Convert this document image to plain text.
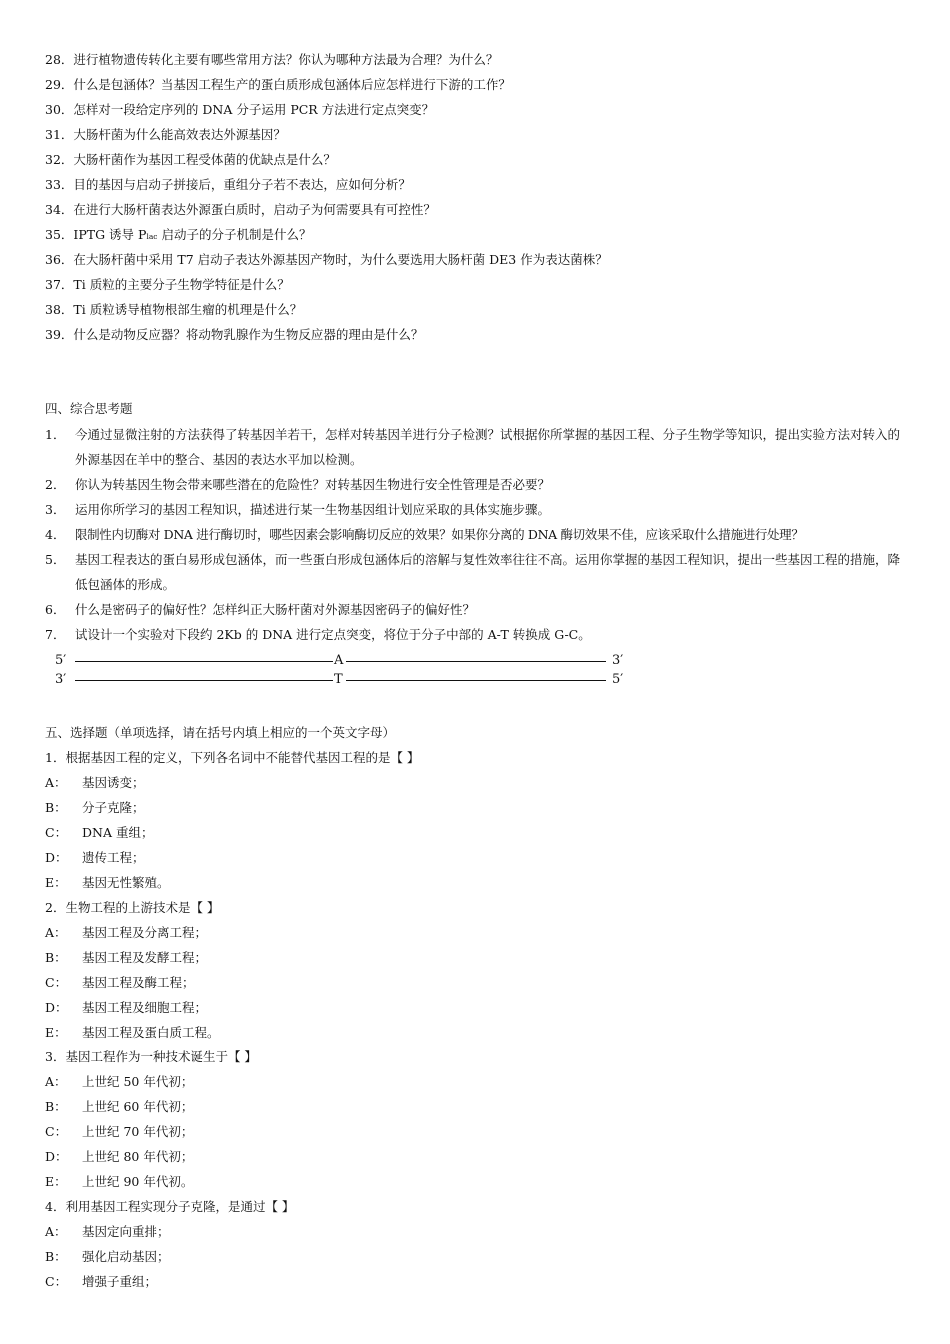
28．进行植物遗传转化主要有哪些常用方法？你认为哪种方法最为合理？为什么？
29．什么是包涵体？当基因工程生产的蛋白质形成包涵体后应怎样进行下游的工作？
30．怎样对一段给定序列的 DNA 分子运用 PCR 方法进行定点突变？
31．大肠杆菌为什么能高效表达外源基因？
32．大肠杆菌作为基因工程受体菌的优缺点是什么？
33．目的基因与启动子拼接后，重组分子若不表达，应如何分析？
34．在进行大肠杆菌表达外源蛋白质时，启动子为何需要具有可控性？
35．IPTG 诱导 Plac 启动子的分子机制是什么？
36．在大肠杆菌中采用 T7 启动子表达外源基因产物时，为什么要选用大肠杆菌 DE3 作为表达菌株？
37．Ti 质粒的主要分子生物学特征是什么？
38．Ti 质粒诱导植物根部生瘤的机理是什么？
39．什么是动物反应器？将动物乳腺作为生物反应器的理由是什么？
四、综合思考题
1． 今通过显微注射的方法获得了转基因羊若干，怎样对转基因羊进行分子检测？试根据你所掌握的基因工程、分子生物学等知识，提出实验方法对转入的外源基因在羊中的整合、基因的表达水平加以检测。
2． 你认为转基因生物会带来哪些潜在的危险性？对转基因生物进行安全性管理是否必要？
3． 运用你所学习的基因工程知识，描述进行某一生物基因组计划应采取的具体实施步骤。
4． 限制性内切酶对 DNA 进行酶切时，哪些因素会影响酶切反应的效果？如果你分离的 DNA 酶切效果不佳，应该采取什么措施进行处理？
5． 基因工程表达的蛋白易形成包涵体，而一些蛋白形成包涵体后的溶解与复性效率往往不高。运用你掌握的基因工程知识，提出一些基因工程的措施，降低包涵体的形成。
6． 什么是密码子的偏好性？怎样纠正大肠杆菌对外源基因密码子的偏好性？
7． 试设计一个实验对下段约 2Kb 的 DNA 进行定点突变，将位于分子中部的 A-T 转换成 G-C。
5′	A	3′
3′	T	5′
五、选择题（单项选择，请在括号内填上相应的一个英文字母）
1．根据基因工程的定义，下列各名词中不能替代基因工程的是【 】
A： 基因诱变；
B： 分子克隆；
C： DNA 重组；
D： 遗传工程；
E： 基因无性繁殖。
2．生物工程的上游技术是【 】
A： 基因工程及分离工程；
B： 基因工程及发酵工程；
C： 基因工程及酶工程；
D： 基因工程及细胞工程；
E： 基因工程及蛋白质工程。
3．基因工程作为一种技术诞生于【 】
A： 上世纪 50 年代初；
B： 上世纪 60 年代初；
C： 上世纪 70 年代初；
D： 上世纪 80 年代初；
E： 上世纪 90 年代初。
4．利用基因工程实现分子克隆，是通过【 】
A： 基因定向重排；
B： 强化启动基因；
C： 增强子重组；
